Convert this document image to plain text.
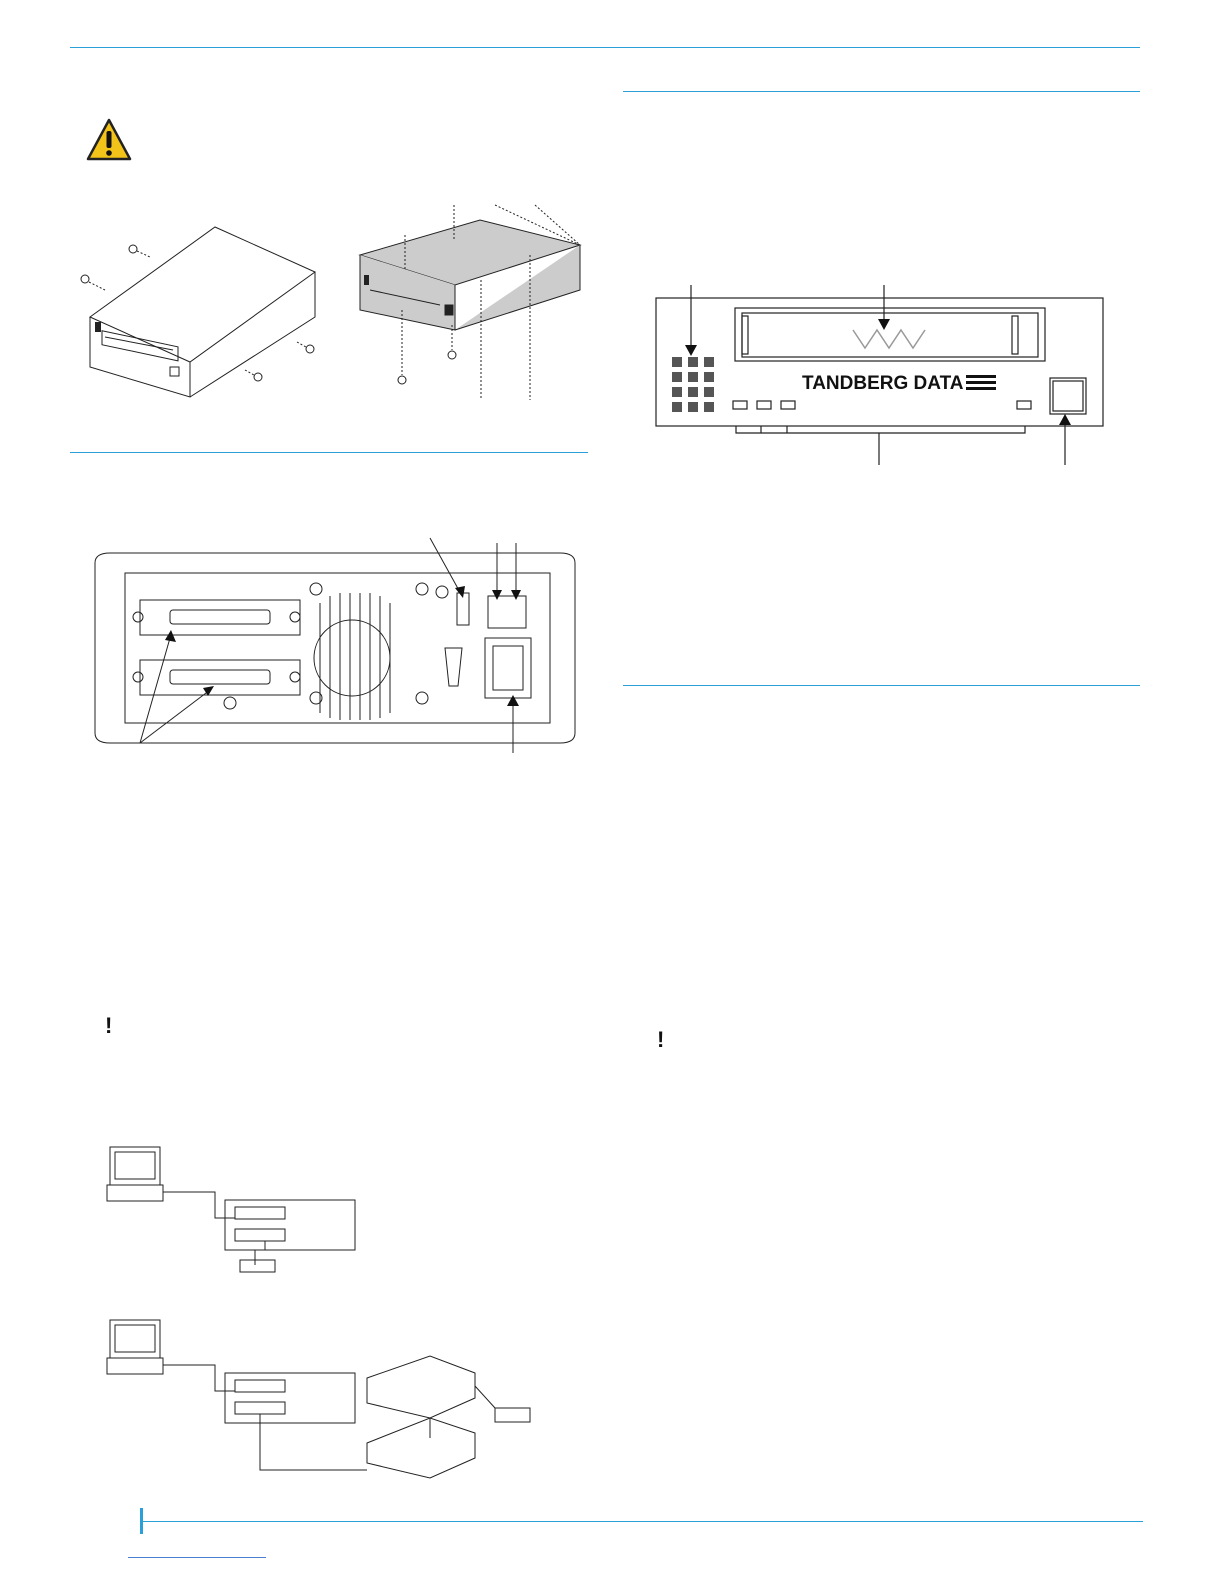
TANDBERG DATA
!
!
